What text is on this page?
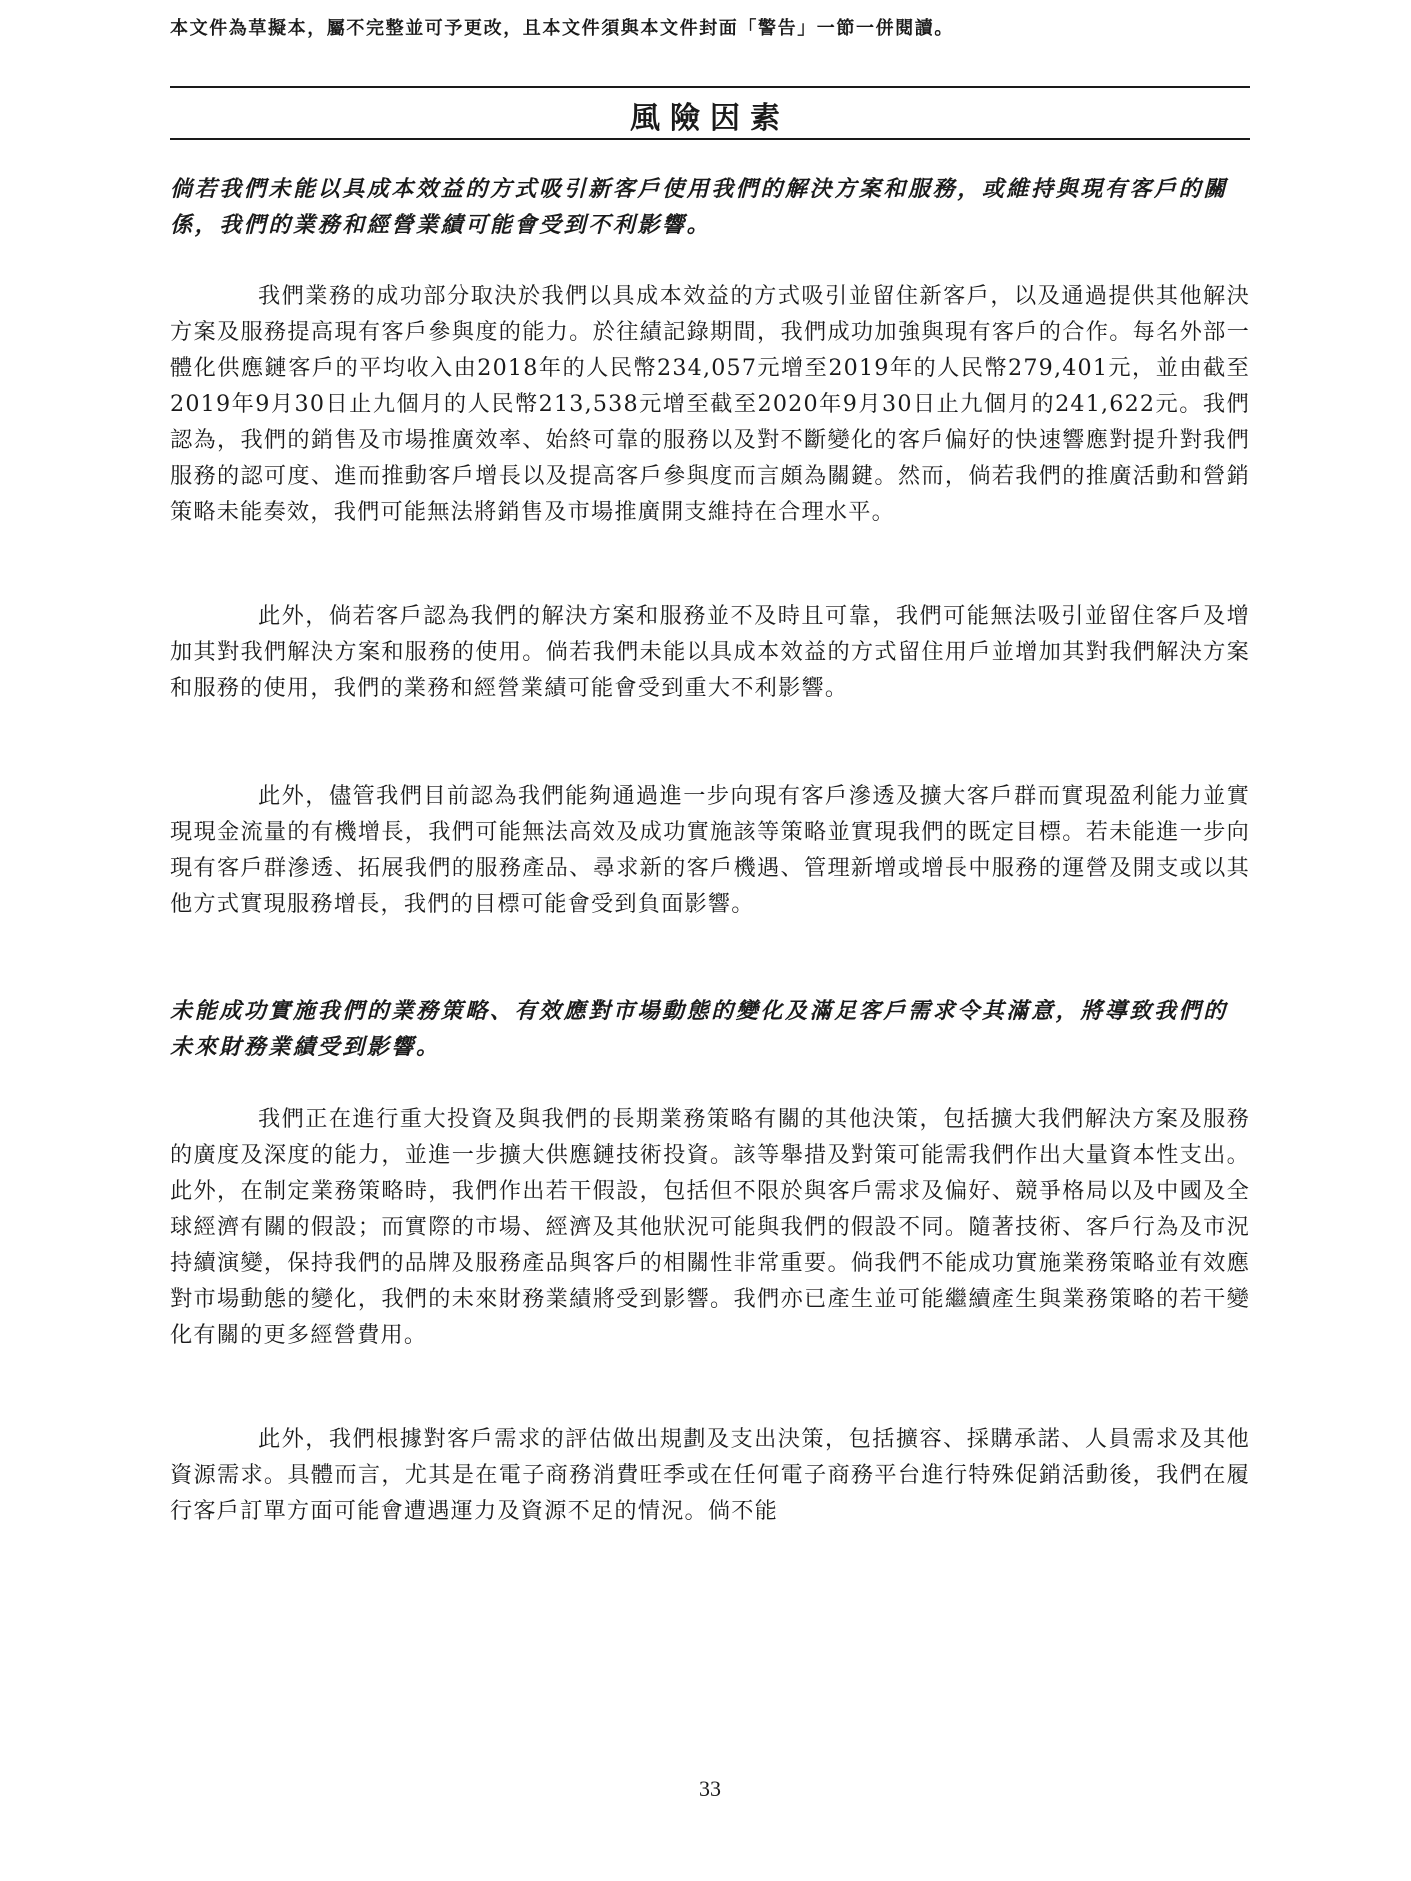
本文件為草擬本，屬不完整並可予更改，且本文件須與本文件封面「警告」一節一併閱讀。
風險因素
倘若我們未能以具成本效益的方式吸引新客戶使用我們的解決方案和服務，或維持與現有客戶的關係，我們的業務和經營業績可能會受到不利影響。

我們業務的成功部分取決於我們以具成本效益的方式吸引並留住新客戶，以及通過提供其他解決方案及服務提高現有客戶參與度的能力。於往績記錄期間，我們成功加強與現有客戶的合作。每名外部一體化供應鏈客戶的平均收入由2018年的人民幣234,057元增至2019年的人民幣279,401元，並由截至2019年9月30日止九個月的人民幣213,538元增至截至2020年9月30日止九個月的241,622元。我們認為，我們的銷售及市場推廣效率、始終可靠的服務以及對不斷變化的客戶偏好的快速響應對提升對我們服務的認可度、進而推動客戶增長以及提高客戶參與度而言頗為關鍵。然而，倘若我們的推廣活動和營銷策略未能奏效，我們可能無法將銷售及市場推廣開支維持在合理水平。

此外，倘若客戶認為我們的解決方案和服務並不及時且可靠，我們可能無法吸引並留住客戶及增加其對我們解決方案和服務的使用。倘若我們未能以具成本效益的方式留住用戶並增加其對我們解決方案和服務的使用，我們的業務和經營業績可能會受到重大不利影響。

此外，儘管我們目前認為我們能夠通過進一步向現有客戶滲透及擴大客戶群而實現盈利能力並實現現金流量的有機增長，我們可能無法高效及成功實施該等策略並實現我們的既定目標。若未能進一步向現有客戶群滲透、拓展我們的服務產品、尋求新的客戶機遇、管理新增或增長中服務的運營及開支或以其他方式實現服務增長，我們的目標可能會受到負面影響。

未能成功實施我們的業務策略、有效應對市場動態的變化及滿足客戶需求令其滿意，將導致我們的未來財務業績受到影響。

我們正在進行重大投資及與我們的長期業務策略有關的其他決策，包括擴大我們解決方案及服務的廣度及深度的能力，並進一步擴大供應鏈技術投資。該等舉措及對策可能需我們作出大量資本性支出。此外，在制定業務策略時，我們作出若干假設，包括但不限於與客戶需求及偏好、競爭格局以及中國及全球經濟有關的假設；而實際的市場、經濟及其他狀況可能與我們的假設不同。隨著技術、客戶行為及市況持續演變，保持我們的品牌及服務產品與客戶的相關性非常重要。倘我們不能成功實施業務策略並有效應對市場動態的變化，我們的未來財務業績將受到影響。我們亦已產生並可能繼續產生與業務策略的若干變化有關的更多經營費用。

此外，我們根據對客戶需求的評估做出規劃及支出決策，包括擴容、採購承諾、人員需求及其他資源需求。具體而言，尤其是在電子商務消費旺季或在任何電子商務平台進行特殊促銷活動後，我們在履行客戶訂單方面可能會遭遇運力及資源不足的情況。倘不能

33
